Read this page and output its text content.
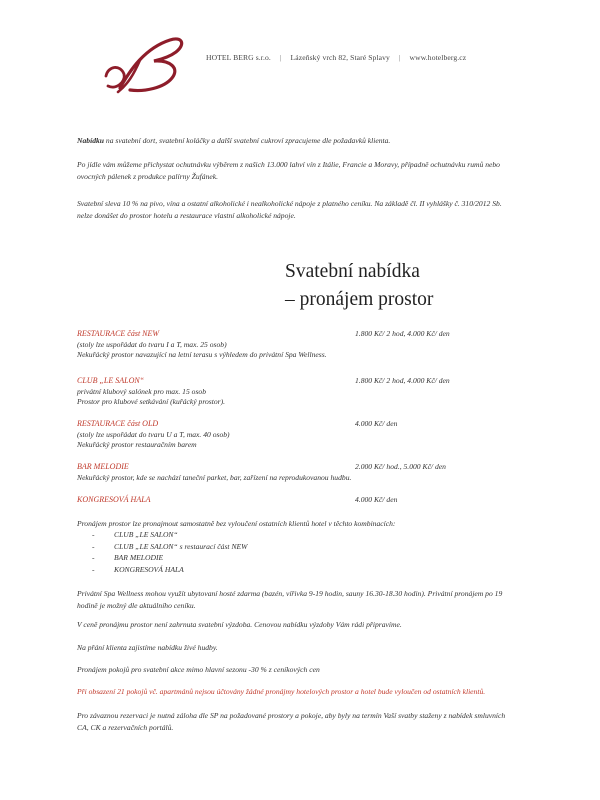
HOTEL BERG s.r.o. | Lázeňský vrch 82, Staré Splavy | www.hotelberg.cz
Nabídku na svatební dort, svatební koláčky a další svatební cukroví zpracujeme dle požadavků klienta.
Po jídle vám můžeme přichystat ochutnávku výběrem z našich 13.000 lahví vín z Itálie, Francie a Moravy, případně ochutnávku rumů nebo ovocných pálenek z produkce palírny Žufánek.
Svatební sleva 10 % na pivo, vína a ostatní alkoholické i nealkoholické nápoje z platného ceníku. Na základě čl. II vyhlášky č. 310/2012 Sb. nelze donášet do prostor hotelu a restaurace vlastní alkoholické nápoje.
Svatební nabídka
– pronájem prostor
RESTAURACE část NEW	1.800 Kč/ 2 hod, 4.000 Kč/ den
(stoly lze uspořádat do tvaru I a T, max. 25 osob)
Nekuřácký prostor navazující na letní terasu s výhledem do privátní Spa Wellness.
CLUB „LE SALON“	1.800 Kč/ 2 hod, 4.000 Kč/ den
privátní klubový salónek pro max. 15 osob
Prostor pro klubové setkávání (kuřácký prostor).
RESTAURACE část OLD	4.000 Kč/ den
(stoly lze uspořádat do tvaru U a T, max. 40 osob)
Nekuřácký prostor restauračním barem
BAR MELODIE	2.000 Kč/ hod., 5.000 Kč/ den
Nekuřácký prostor, kde se nachází taneční parket, bar, zařízení na reprodukovanou hudbu.
KONGRESOVÁ HALA	4.000 Kč/ den
Pronájem prostor lze pronajmout samostatně bez vyloučení ostatních klientů hotel v těchto kombinacích:
-	CLUB „LE SALON“
-	CLUB „LE SALON“ s restaurací část NEW
-	BAR MELODIE
-	KONGRESOVÁ HALA
Privátní Spa Wellness mohou využít ubytovaní hosté zdarma (bazén, vířivka 9-19 hodin, sauny 16.30-18.30 hodin). Privátní pronájem po 19 hodině je možný dle aktuálního ceníku.
V ceně pronájmu prostor není zahrnuta svatební výzdoba. Cenovou nabídku výzdoby Vám rádi připravíme.
Na přání klienta zajistíme nabídku živé hudby.
Pronájem pokojů pro svatební akce mimo hlavní sezonu -30 % z ceníkových cen
Při obsazení 21 pokojů vč. apartmánů nejsou účtovány žádné pronájmy hotelových prostor a hotel bude vyloučen od ostatních klientů.
Pro závaznou rezervaci je nutná záloha dle SP na požadované prostory a pokoje, aby byly na termín Vaší svatby staženy z nabídek smluvních CA, CK a rezervačních portálů.
